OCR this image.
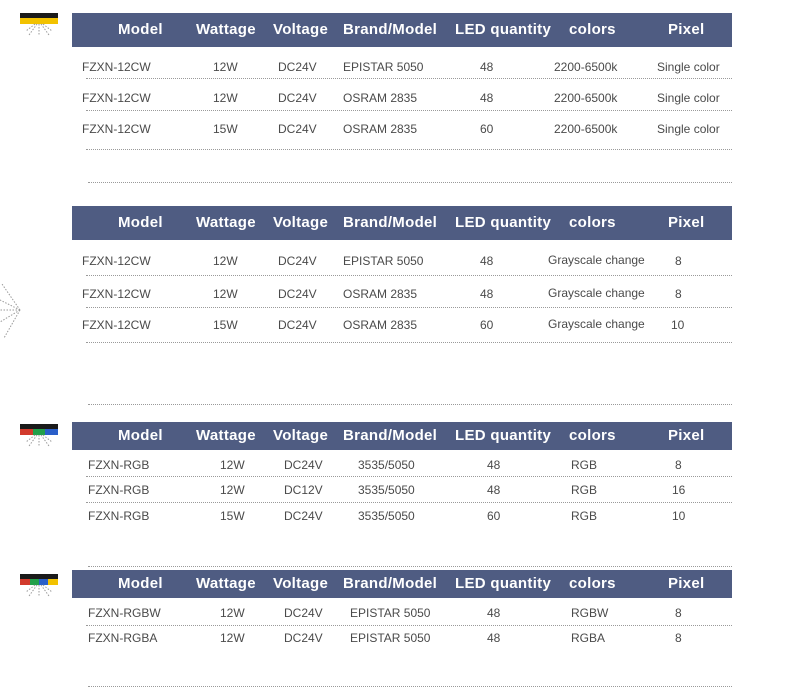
Model Wattage Voltage Brand/Model LED quantity colors	Pixel
FZXN-12CW	12W	DC24V EPISTAR 5050	48	2200-6500k	Single color
FZXN-12CW	12W	DC24V OSRAM 2835	48	2200-6500k	Single color
FZXN-12CW	15W	DC24V OSRAM 2835	60	2200-6500k	Single color
Model Wattage Voltage Brand/Model LED quantity colors	Pixel
FZXN-12CW	12W	DC24V EPISTAR 5050	48	Grayscale change	8
FZXN-12CW	12W	DC24V OSRAM 2835	48	Grayscale change	8
FZXN-12CW	15W	DC24V OSRAM 2835	60	Grayscale change 10
Model Wattage Voltage Brand/Model LED quantity colors	Pixel
FZXN-RGB	12W	DC24V	3535/5050	48	RGB	8
FZXN-RGB	12W	DC12V	3535/5050	48	RGB	16
FZXN-RGB	15W	DC24V	3535/5050	60	RGB	10
Model Wattage Voltage Brand/Model LED quantity colors	Pixel
FZXN-RGBW	12W	DC24V EPISTAR 5050	48	RGBW	8
FZXN-RGBA	12W	DC24V EPISTAR 5050	48	RGBA	8
